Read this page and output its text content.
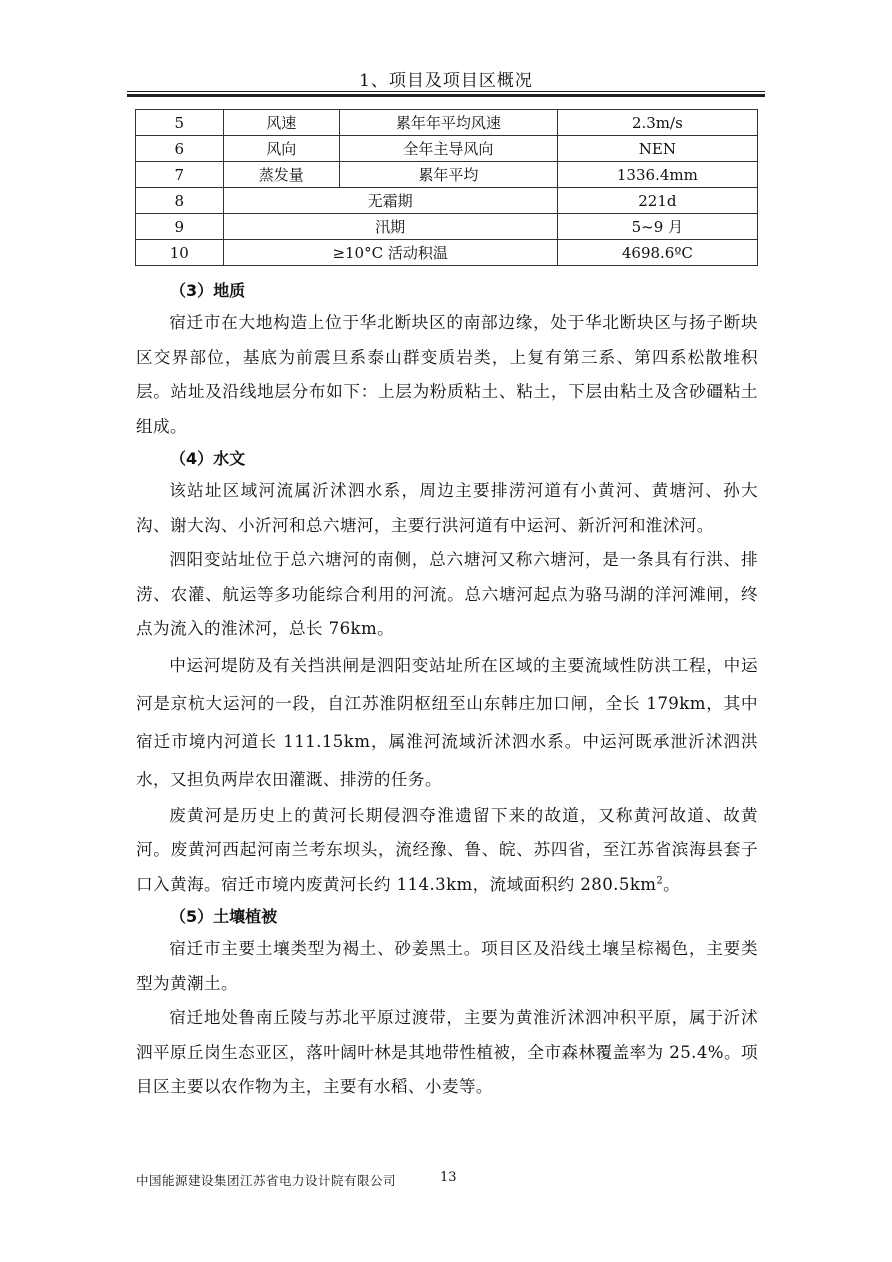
1、项目及项目区概况
5	风速	累年年平均风速	2.3m/s
6	风向	全年主导风向	NEN
7	蒸发量	累年平均	1336.4mm
8	无霜期		221d
9	汛期		5~9 月
10	≥10°C 活动积温		4698.6ºC

（3）地质

宿迁市在大地构造上位于华北断块区的南部边缘，处于华北断块区与扬子断块区交界部位，基底为前震旦系泰山群变质岩类，上复有第三系、第四系松散堆积层。站址及沿线地层分布如下：上层为粉质粘土、粘土，下层由粘土及含砂礓粘土组成。

（4）水文

该站址区域河流属沂沭泗水系，周边主要排涝河道有小黄河、黄塘河、孙大沟、谢大沟、小沂河和总六塘河，主要行洪河道有中运河、新沂河和淮沭河。

泗阳变站址位于总六塘河的南侧，总六塘河又称六塘河，是一条具有行洪、排涝、农灌、航运等多功能综合利用的河流。总六塘河起点为骆马湖的洋河滩闸，终点为流入的淮沭河，总长 76km。

中运河堤防及有关挡洪闸是泗阳变站址所在区域的主要流域性防洪工程，中运河是京杭大运河的一段，自江苏淮阴枢纽至山东韩庄加口闸，全长 179km，其中宿迁市境内河道长 111.15km，属淮河流域沂沭泗水系。中运河既承泄沂沭泗洪水，又担负两岸农田灌溉、排涝的任务。

废黄河是历史上的黄河长期侵泗夺淮遗留下来的故道，又称黄河故道、故黄河。废黄河西起河南兰考东坝头，流经豫、鲁、皖、苏四省，至江苏省滨海县套子口入黄海。宿迁市境内废黄河长约 114.3km，流域面积约 $280.5km^2$。

（5）土壤植被

宿迁市主要土壤类型为褐土、砂姜黑土。项目区及沿线土壤呈棕褐色，主要类型为黄潮土。

宿迁地处鲁南丘陵与苏北平原过渡带，主要为黄淮沂沭泗冲积平原，属于沂沭泗平原丘岗生态亚区，落叶阔叶林是其地带性植被，全市森林覆盖率为 25.4%。项目区主要以农作物为主，主要有水稻、小麦等。

中国能源建设集团江苏省电力设计院有限公司	13
